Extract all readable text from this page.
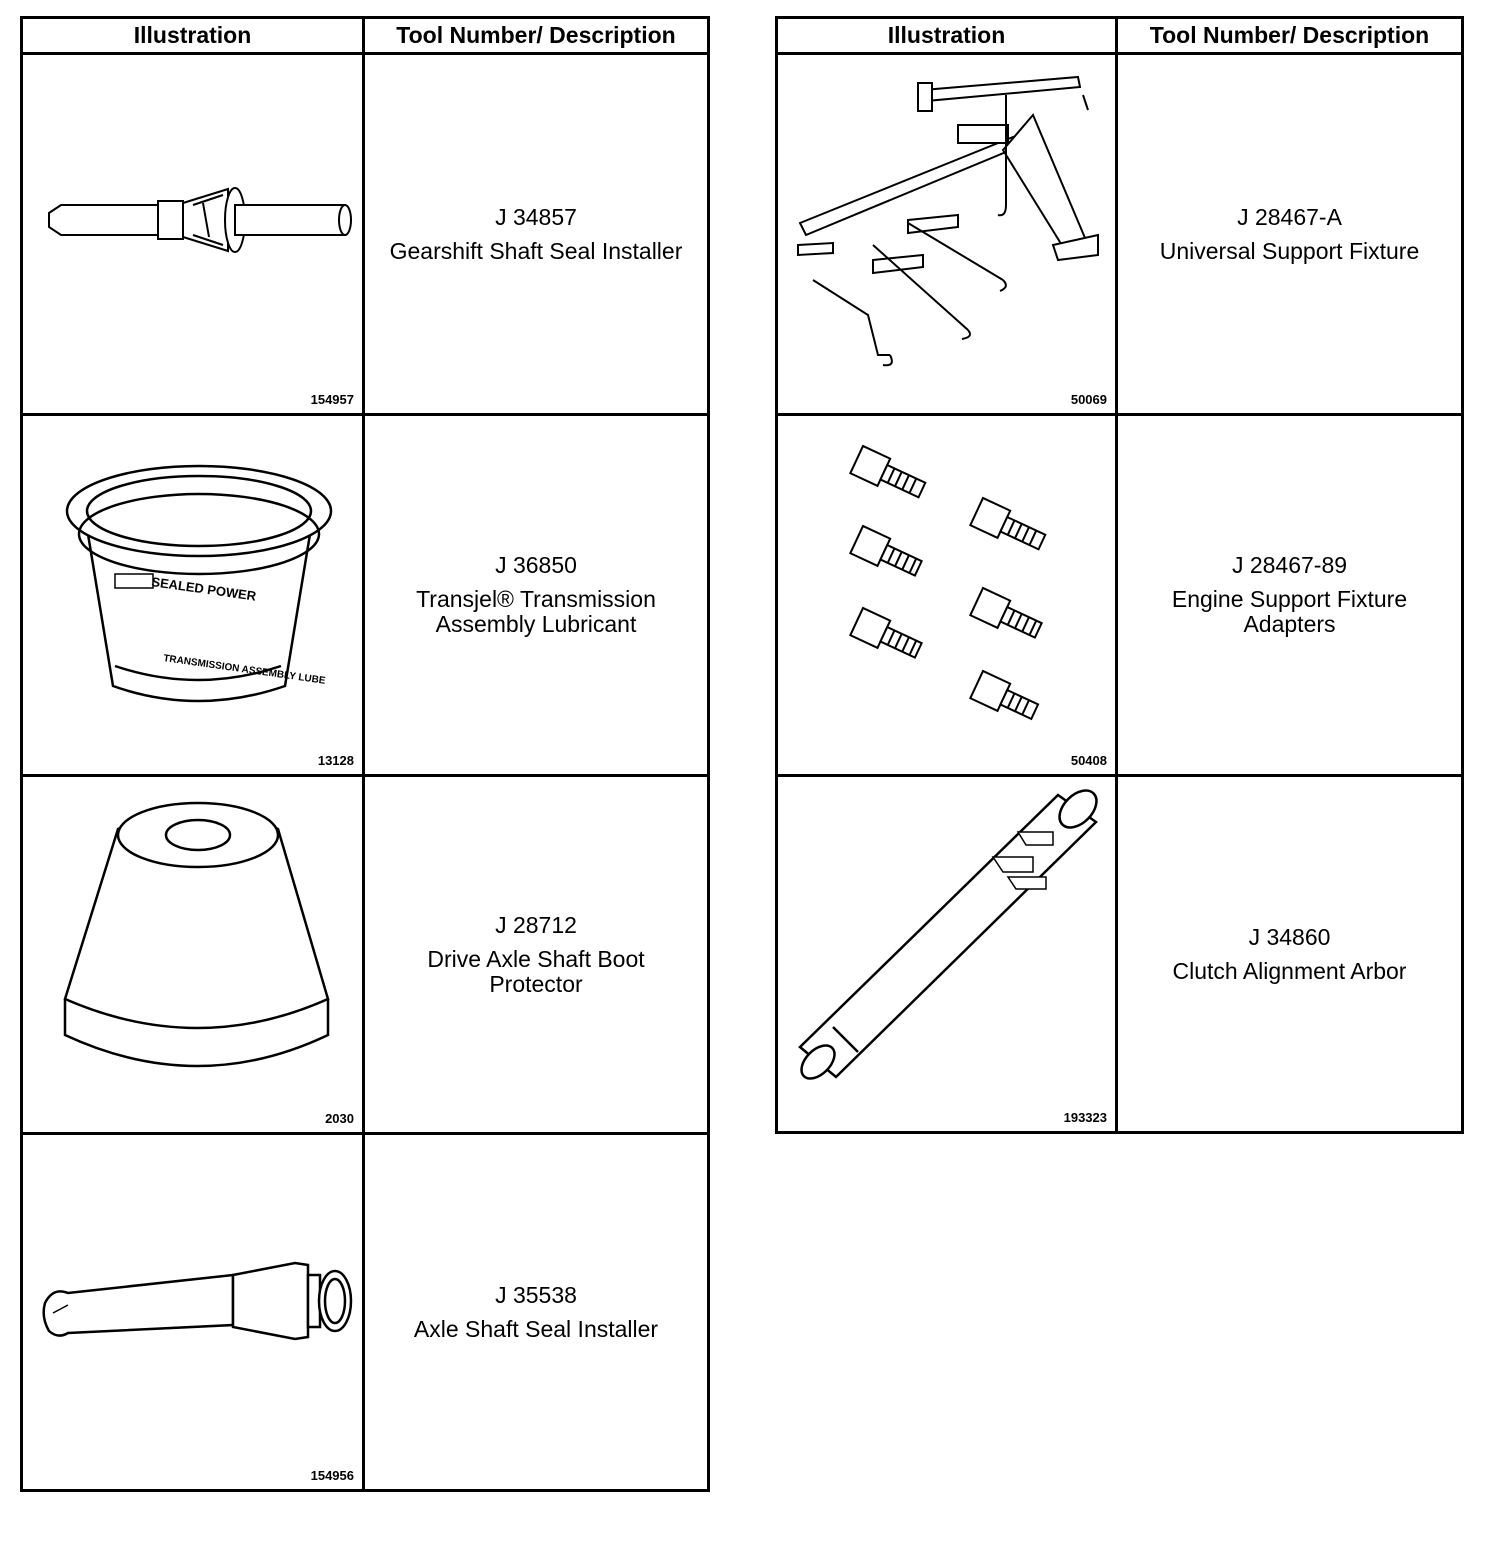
Illustration	Tool Number/ Description
154957
J 34857
Gearshift Shaft Seal Installer
SEALED POWER
TRANSMISSION ASSEMBLY LUBE
13128
J 36850
Transjel® Transmission
Assembly Lubricant
2030
J 28712
Drive Axle Shaft Boot
Protector
154956
J 35538
Axle Shaft Seal Installer
Illustration	Tool Number/ Description
50069
J 28467-A
Universal Support Fixture
50408
J 28467-89
Engine Support Fixture
Adapters
193323
J 34860
Clutch Alignment Arbor
